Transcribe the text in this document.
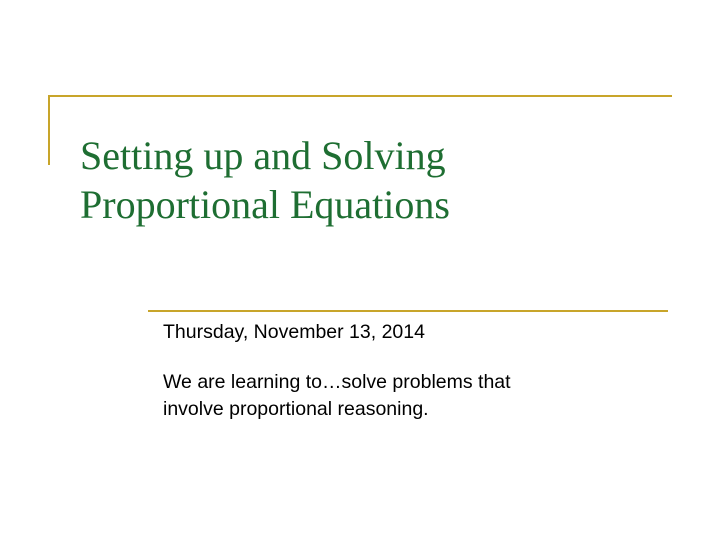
Setting up and Solving
Proportional Equations

Thursday, November 13, 2014

We are learning to…solve problems that
involve proportional reasoning.
